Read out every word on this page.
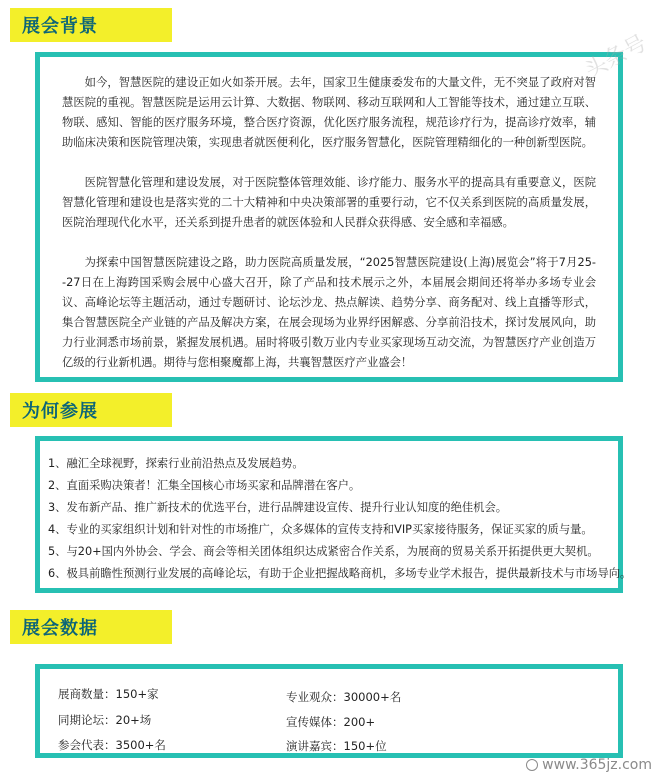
展会背景

如今，智慧医院的建设正如火如荼开展。去年，国家卫生健康委发布的大量文件，无不突显了政府对智慧医院的重视。智慧医院是运用云计算、大数据、物联网、移动互联网和人工智能等技术，通过建立互联、物联、感知、智能的医疗服务环境，整合医疗资源，优化医疗服务流程，规范诊疗行为，提高诊疗效率，辅助临床决策和医院管理决策，实现患者就医便利化，医疗服务智慧化，医院管理精细化的一种创新型医院。

医院智慧化管理和建设发展，对于医院整体管理效能、诊疗能力、服务水平的提高具有重要意义，医院智慧化管理和建设也是落实党的二十大精神和中央决策部署的重要行动，它不仅关系到医院的高质量发展，医院治理现代化水平，还关系到提升患者的就医体验和人民群众获得感、安全感和幸福感。

为探索中国智慧医院建设之路，助力医院高质量发展，“2025智慧医院建设(上海)展览会”将于7月25--27日在上海跨国采购会展中心盛大召开，除了产品和技术展示之外，本届展会期间还将举办多场专业会议、高峰论坛等主题活动，通过专题研讨、论坛沙龙、热点解读、趋势分享、商务配对、线上直播等形式，集合智慧医院全产业链的产品及解决方案，在展会现场为业界纾困解惑、分享前沿技术，探讨发展风向，助力行业洞悉市场前景，紧握发展机遇。届时将吸引数万业内专业买家现场互动交流，为智慧医疗产业创造万亿级的行业新机遇。期待与您相聚魔都上海，共襄智慧医疗产业盛会！

为何参展
1、融汇全球视野，探索行业前沿热点及发展趋势。
2、直面采购决策者！汇集全国核心市场买家和品牌潜在客户。
3、发布新产品、推广新技术的优选平台，进行品牌建设宣传、提升行业认知度的绝佳机会。
4、专业的买家组织计划和针对性的市场推广，众多媒体的宣传支持和VIP买家接待服务，保证买家的质与量。
5、与20+国内外协会、学会、商会等相关团体组织达成紧密合作关系，为展商的贸易关系开拓提供更大契机。
6、极具前瞻性预测行业发展的高峰论坛，有助于企业把握战略商机，多场专业学术报告，提供最新技术与市场导向。
展会数据
展商数量：150+家
同期论坛：20+场
参会代表：3500+名
专业观众：30000+名
宣传媒体：200+
演讲嘉宾：150+位
头条号
www.365jz.com
